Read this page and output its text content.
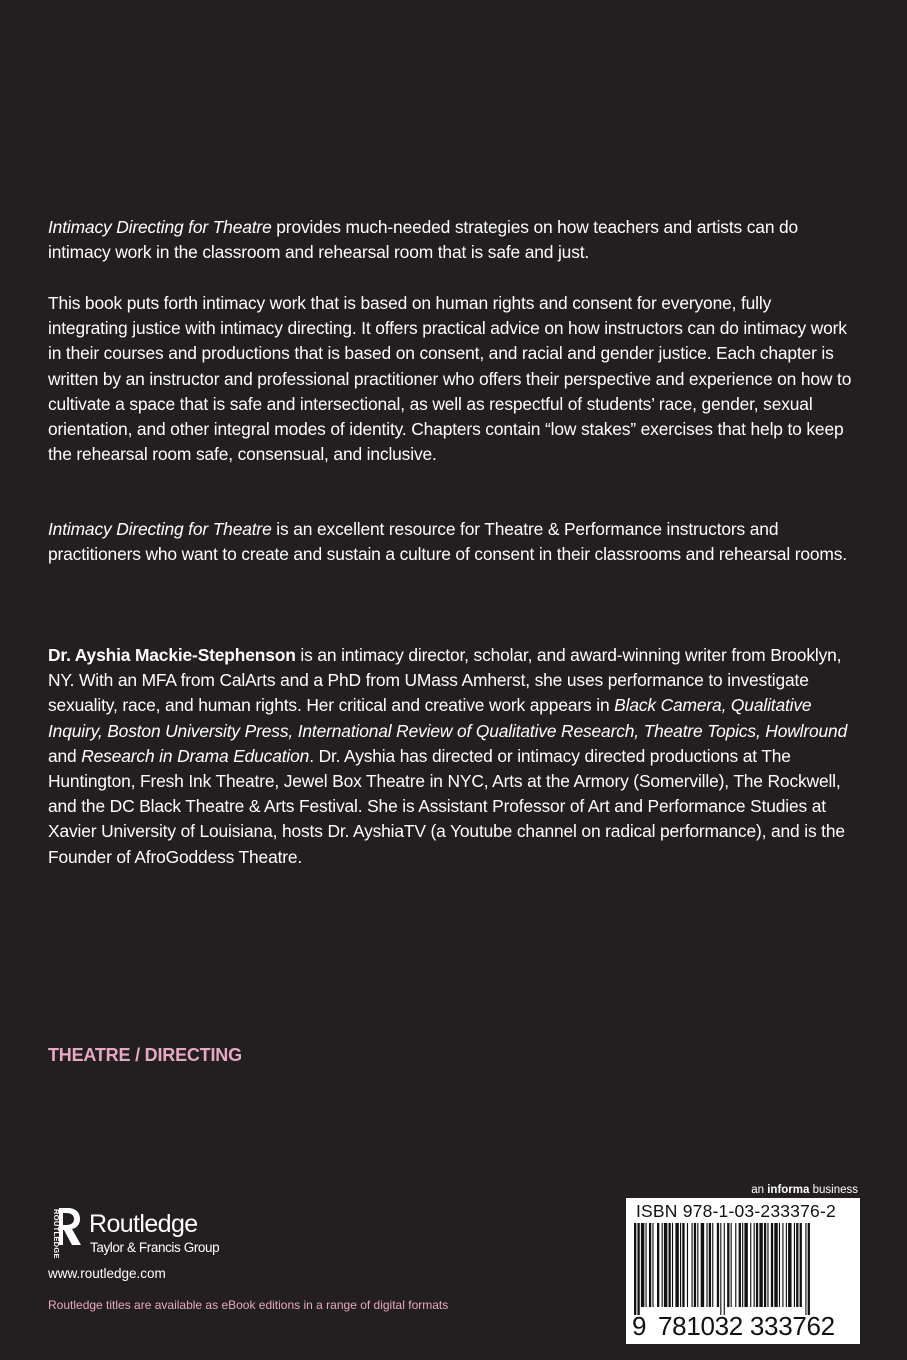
Intimacy Directing for Theatre provides much-needed strategies on how teachers and artists can do intimacy work in the classroom and rehearsal room that is safe and just.

This book puts forth intimacy work that is based on human rights and consent for everyone, fully integrating justice with intimacy directing. It offers practical advice on how instructors can do intimacy work in their courses and productions that is based on consent, and racial and gender justice. Each chapter is written by an instructor and professional practitioner who offers their perspective and experience on how to cultivate a space that is safe and intersectional, as well as respectful of students’ race, gender, sexual orientation, and other integral modes of identity. Chapters contain “low stakes” exercises that help to keep the rehearsal room safe, consensual, and inclusive.

Intimacy Directing for Theatre is an excellent resource for Theatre & Performance instructors and practitioners who want to create and sustain a culture of consent in their classrooms and rehearsal rooms.

Dr. Ayshia Mackie-Stephenson is an intimacy director, scholar, and award-winning writer from Brooklyn, NY. With an MFA from CalArts and a PhD from UMass Amherst, she uses performance to investigate sexuality, race, and human rights. Her critical and creative work appears in Black Camera, Qualitative Inquiry, Boston University Press, International Review of Qualitative Research, Theatre Topics, Howlround and Research in Drama Education. Dr. Ayshia has directed or intimacy directed productions at The Huntington, Fresh Ink Theatre, Jewel Box Theatre in NYC, Arts at the Armory (Somerville), The Rockwell, and the DC Black Theatre & Arts Festival. She is Assistant Professor of Art and Performance Studies at Xavier University of Louisiana, hosts Dr. AyshiaTV (a Youtube channel on radical performance), and is the Founder of AfroGoddess Theatre.

THEATRE / DIRECTING
ROUTLEDGE Routledge
Taylor & Francis Group
www.routledge.com
Routledge titles are available as eBook editions in a range of digital formats
an informa business
ISBN 978-1-03-233376-2
9 781032 333762
